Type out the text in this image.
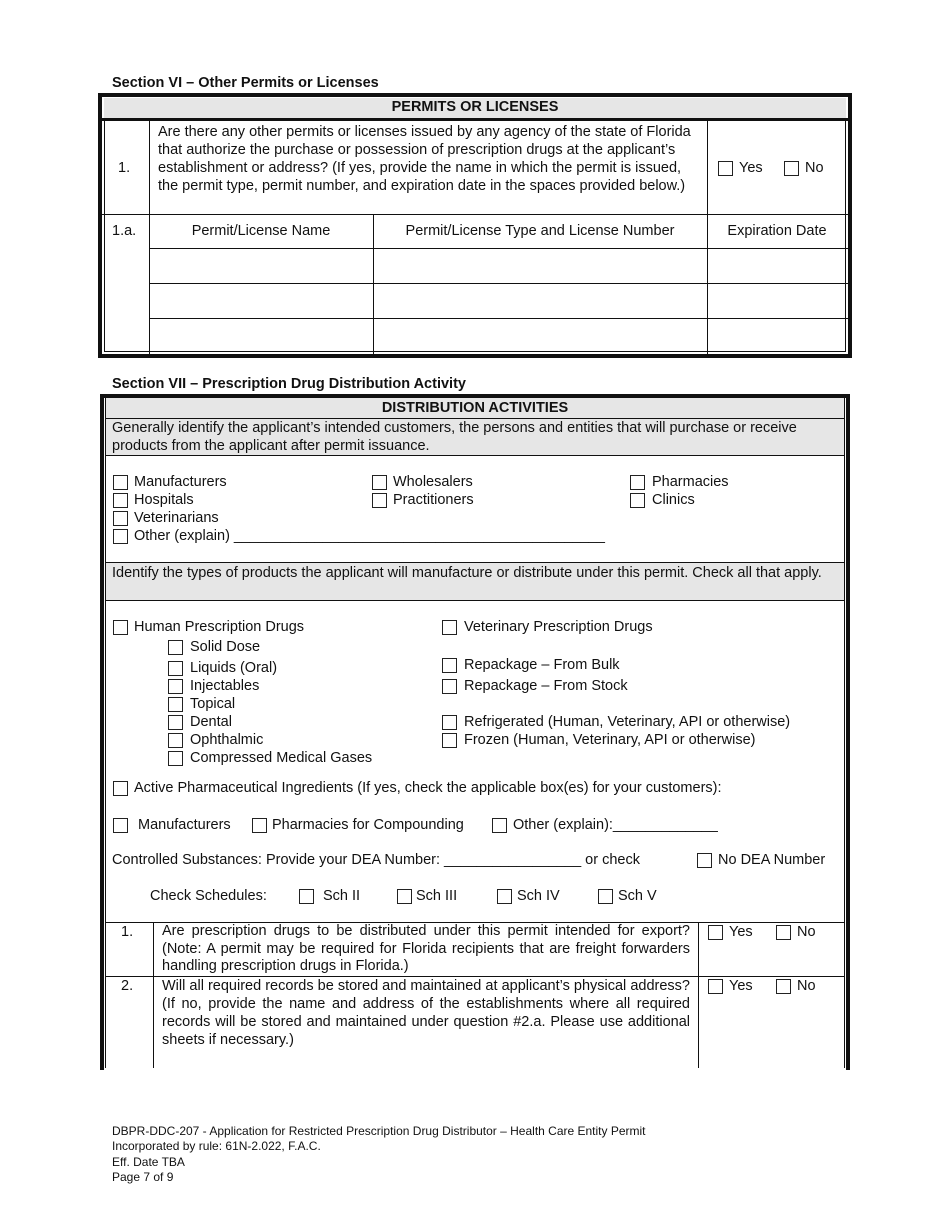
Section VI – Other Permits or Licenses
PERMITS OR LICENSES
1.
Are there any other permits or licenses issued by any agency of the state of Florida that authorize the purchase or possession of prescription drugs at the applicant’s establishment or address? (If yes, provide the name in which the permit is issued, the permit type, permit number, and expiration date in the spaces provided below.)
Yes	No
1.a.	Permit/License Name	Permit/License Type and License Number	Expiration Date
Section VII – Prescription Drug Distribution Activity
DISTRIBUTION ACTIVITIES
Generally identify the applicant’s intended customers, the persons and entities that will purchase or receive products from the applicant after permit issuance.
Manufacturers	Wholesalers	Pharmacies
Hospitals	Practitioners	Clinics
Veterinarians
Other (explain) ______________________________________________
Identify the types of products the applicant will manufacture or distribute under this permit. Check all that apply.
Human Prescription Drugs
Solid Dose
Liquids (Oral)
Injectables
Topical
Dental
Ophthalmic
Compressed Medical Gases
Veterinary Prescription Drugs
Repackage – From Bulk
Repackage – From Stock
Refrigerated (Human, Veterinary, API or otherwise)
Frozen (Human, Veterinary, API or otherwise)
Active Pharmaceutical Ingredients (If yes, check the applicable box(es) for your customers):
Manufacturers	Pharmacies for Compounding	Other (explain):_____________
Controlled Substances: Provide your DEA Number: _________________ or check	No DEA Number
Check Schedules:	Sch II	Sch III	Sch IV	Sch V
1. Are prescription drugs to be distributed under this permit intended for export? (Note: A permit may be required for Florida recipients that are freight forwarders handling prescription drugs in Florida.)
Yes	No
2. Will all required records be stored and maintained at applicant’s physical address? (If no, provide the name and address of the establishments where all required records will be stored and maintained under question #2.a. Please use additional sheets if necessary.)
Yes	No
DBPR-DDC-207 - Application for Restricted Prescription Drug Distributor – Health Care Entity Permit
Incorporated by rule: 61N-2.022, F.A.C.
Eff. Date TBA
Page 7 of 9
